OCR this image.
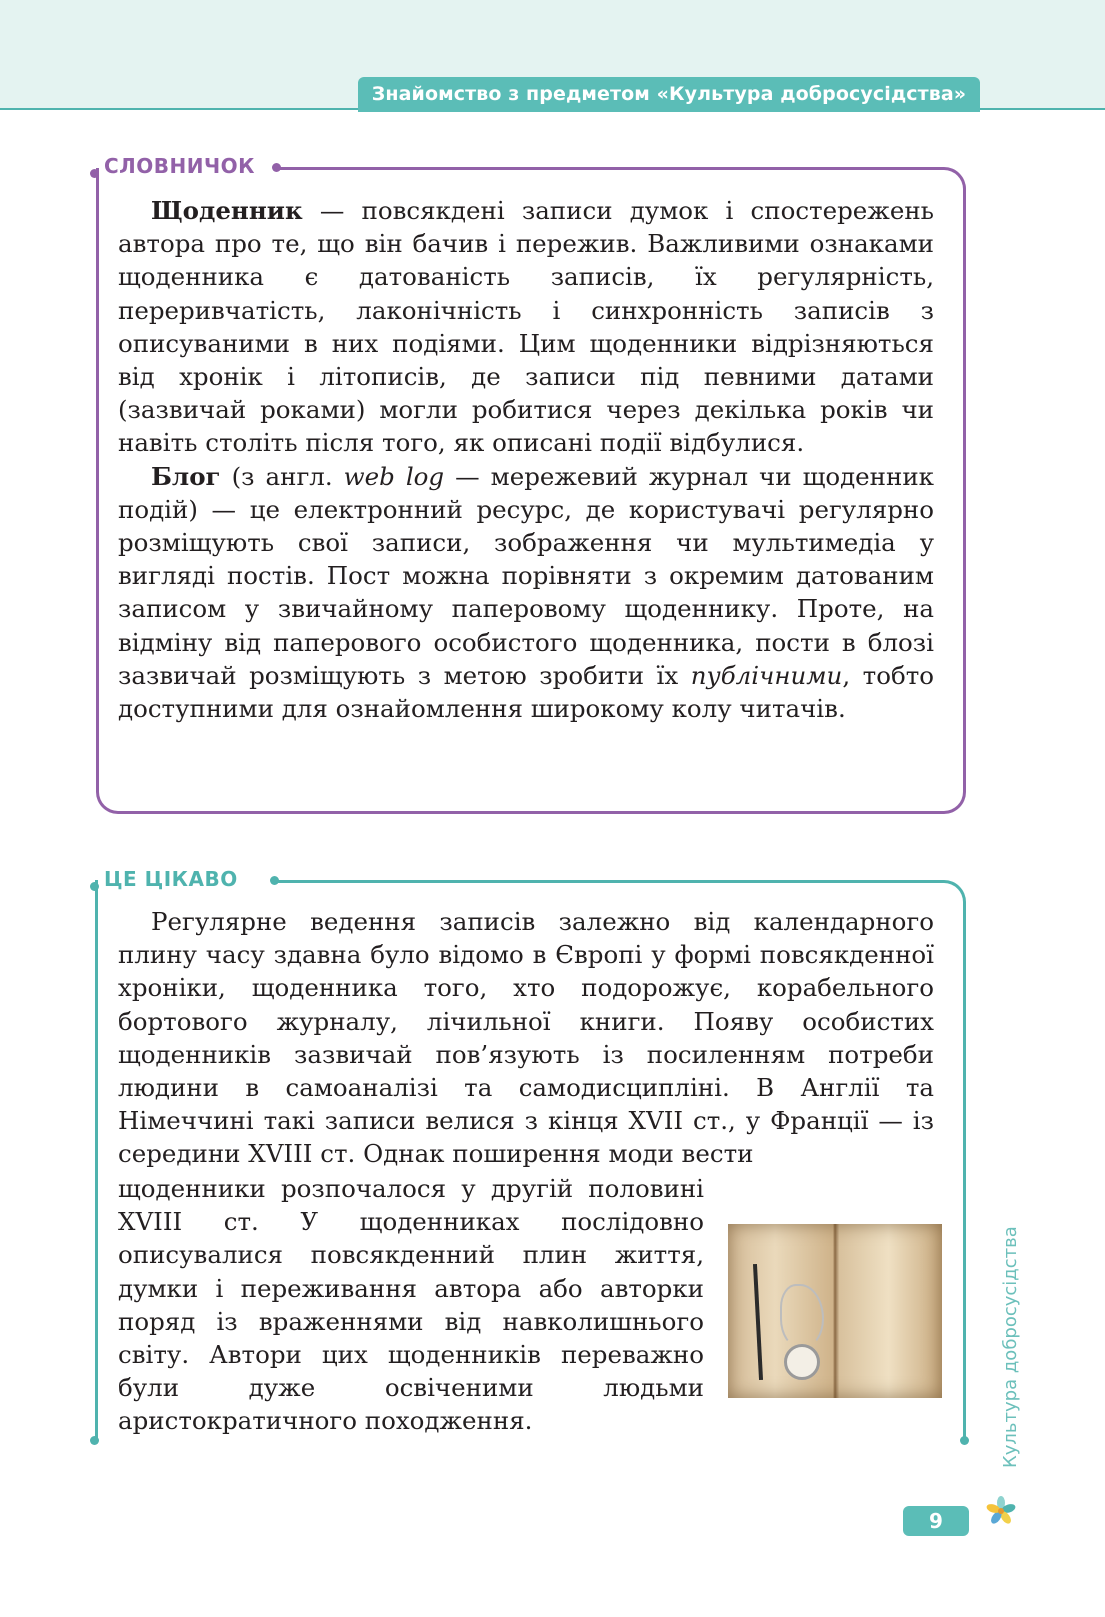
Знайомство з предметом «Культура добросусідства»
СЛОВНИЧОК

Щоденник — повсякдені записи думок і спостережень автора про те, що він бачив і пережив. Важливими ознаками щоденника є датованість записів, їх регулярність, переривчатість, лаконічність і синхронність записів з описуваними в них подіями. Цим щоденники відрізняються від хронік і літописів, де записи під певними датами (зазвичай роками) могли робитися через декілька років чи навіть століть після того, як описані події відбулися.

Блог (з англ. web log — мережевий журнал чи щоденник подій) — це електронний ресурс, де користувачі регулярно розміщують свої записи, зображення чи мультимедіа у вигляді постів. Пост можна порівняти з окремим датованим записом у звичайному паперовому щоденнику. Проте, на відміну від паперового особистого щоденника, пости в блозі зазвичай розміщують з метою зробити їх публічними, тобто доступними для ознайомлення широкому колу читачів.

ЦЕ ЦІКАВО

Регулярне ведення записів залежно від календарного плину часу здавна було відомо в Європі у формі повсякденної хроніки, щоденника того, хто подорожує, корабельного бортового журналу, лічильної книги. Появу особистих щоденників зазвичай пов’язують із посиленням потреби людини в самоаналізі та самодисципліні. В Англії та Німеччині такі записи велися з кінця XVII ст., у Франції — із середини XVIII ст. Однак поширення моди вести

щоденники розпочалося у другій половині XVIII ст. У щоденниках послідовно описувалися повсякденний плин життя, думки і переживання автора або авторки поряд із враженнями від навколишнього світу. Автори цих щоденників переважно були дуже освіченими людьми аристократичного походження.	Культура добросусідства
9
